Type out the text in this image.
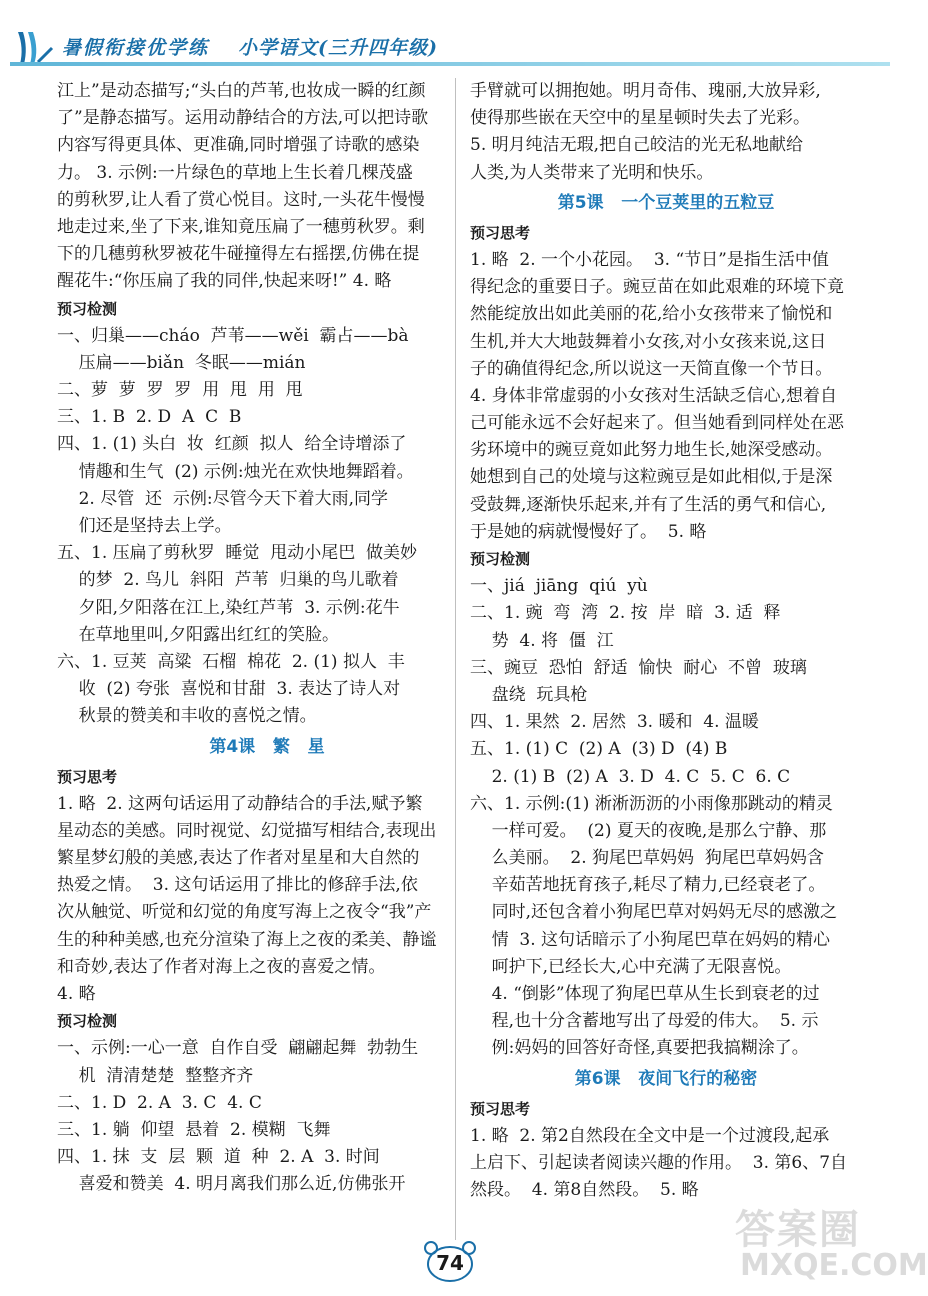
暑假衔接优学练 小学语文(三升四年级)
江上”是动态描写;“头白的芦苇,也妆成一瞬的红颜
了”是静态描写。运用动静结合的方法,可以把诗歌
内容写得更具体、更准确,同时增强了诗歌的感染
力。 3. 示例:一片绿色的草地上生长着几棵茂盛
的剪秋罗,让人看了赏心悦目。这时,一头花牛慢慢
地走过来,坐了下来,谁知竟压扁了一穗剪秋罗。剩
下的几穗剪秋罗被花牛碰撞得左右摇摆,仿佛在提
醒花牛:“你压扁了我的同伴,快起来呀!” 4. 略
预习检测
一、归巢——cháo  芦苇——wěi  霸占——bà
压扁——biǎn  冬眠——mián
二、萝  萝  罗  罗  用  甩  用  甩
三、1. B  2. D  A  C  B
四、1. (1) 头白  妆  红颜  拟人  给全诗增添了
情趣和生气  (2) 示例:烛光在欢快地舞蹈着。
2. 尽管  还  示例:尽管今天下着大雨,同学
们还是坚持去上学。
五、1. 压扁了剪秋罗  睡觉  甩动小尾巴  做美妙
的梦  2. 鸟儿  斜阳  芦苇  归巢的鸟儿歌着
夕阳,夕阳落在江上,染红芦苇  3. 示例:花牛
在草地里叫,夕阳露出红红的笑脸。
六、1. 豆荚  高粱  石榴  棉花  2. (1) 拟人  丰
收  (2) 夸张  喜悦和甘甜  3. 表达了诗人对
秋景的赞美和丰收的喜悦之情。
第4课   繁   星
预习思考
1. 略  2. 这两句话运用了动静结合的手法,赋予繁
星动态的美感。同时视觉、幻觉描写相结合,表现出
繁星梦幻般的美感,表达了作者对星星和大自然的
热爱之情。  3. 这句话运用了排比的修辞手法,依
次从触觉、听觉和幻觉的角度写海上之夜令“我”产
生的种种美感,也充分渲染了海上之夜的柔美、静谧
和奇妙,表达了作者对海上之夜的喜爱之情。
4. 略
预习检测
一、示例:一心一意  自作自受  翩翩起舞  勃勃生
机  清清楚楚  整整齐齐
二、1. D  2. A  3. C  4. C
三、1. 躺  仰望  悬着  2. 模糊  飞舞
四、1. 抹  支  层  颗  道  种  2. A  3. 时间
喜爱和赞美  4. 明月离我们那么近,仿佛张开
手臂就可以拥抱她。明月奇伟、瑰丽,大放异彩,
使得那些嵌在天空中的星星顿时失去了光彩。
5. 明月纯洁无瑕,把自己皎洁的光无私地献给
人类,为人类带来了光明和快乐。
第5课   一个豆荚里的五粒豆
预习思考
1. 略  2. 一个小花园。  3. “节日”是指生活中值
得纪念的重要日子。豌豆苗在如此艰难的环境下竟
然能绽放出如此美丽的花,给小女孩带来了愉悦和
生机,并大大地鼓舞着小女孩,对小女孩来说,这日
子的确值得纪念,所以说这一天简直像一个节日。
4. 身体非常虚弱的小女孩对生活缺乏信心,想着自
己可能永远不会好起来了。但当她看到同样处在恶
劣环境中的豌豆竟如此努力地生长,她深受感动。
她想到自己的处境与这粒豌豆是如此相似,于是深
受鼓舞,逐渐快乐起来,并有了生活的勇气和信心,
于是她的病就慢慢好了。  5. 略
预习检测
一、jiá  jiāng  qiú  yù
二、1. 豌  弯  湾  2. 按  岸  暗  3. 适  释
势  4. 将  僵  江
三、豌豆  恐怕  舒适  愉快  耐心  不曾  玻璃
盘绕  玩具枪
四、1. 果然  2. 居然  3. 暖和  4. 温暖
五、1. (1) C  (2) A  (3) D  (4) B
2. (1) B  (2) A  3. D  4. C  5. C  6. C
六、1. 示例:(1) 淅淅沥沥的小雨像那跳动的精灵
一样可爱。  (2) 夏天的夜晚,是那么宁静、那
么美丽。  2. 狗尾巴草妈妈  狗尾巴草妈妈含
辛茹苦地抚育孩子,耗尽了精力,已经衰老了。
同时,还包含着小狗尾巴草对妈妈无尽的感激之
情  3. 这句话暗示了小狗尾巴草在妈妈的精心
呵护下,已经长大,心中充满了无限喜悦。
4. “倒影”体现了狗尾巴草从生长到衰老的过
程,也十分含蓄地写出了母爱的伟大。  5. 示
例:妈妈的回答好奇怪,真要把我搞糊涂了。
第6课   夜间飞行的秘密
预习思考
1. 略  2. 第2自然段在全文中是一个过渡段,起承
上启下、引起读者阅读兴趣的作用。  3. 第6、7自
然段。  4. 第8自然段。  5. 略
74
答案圈
MXQE.COM
